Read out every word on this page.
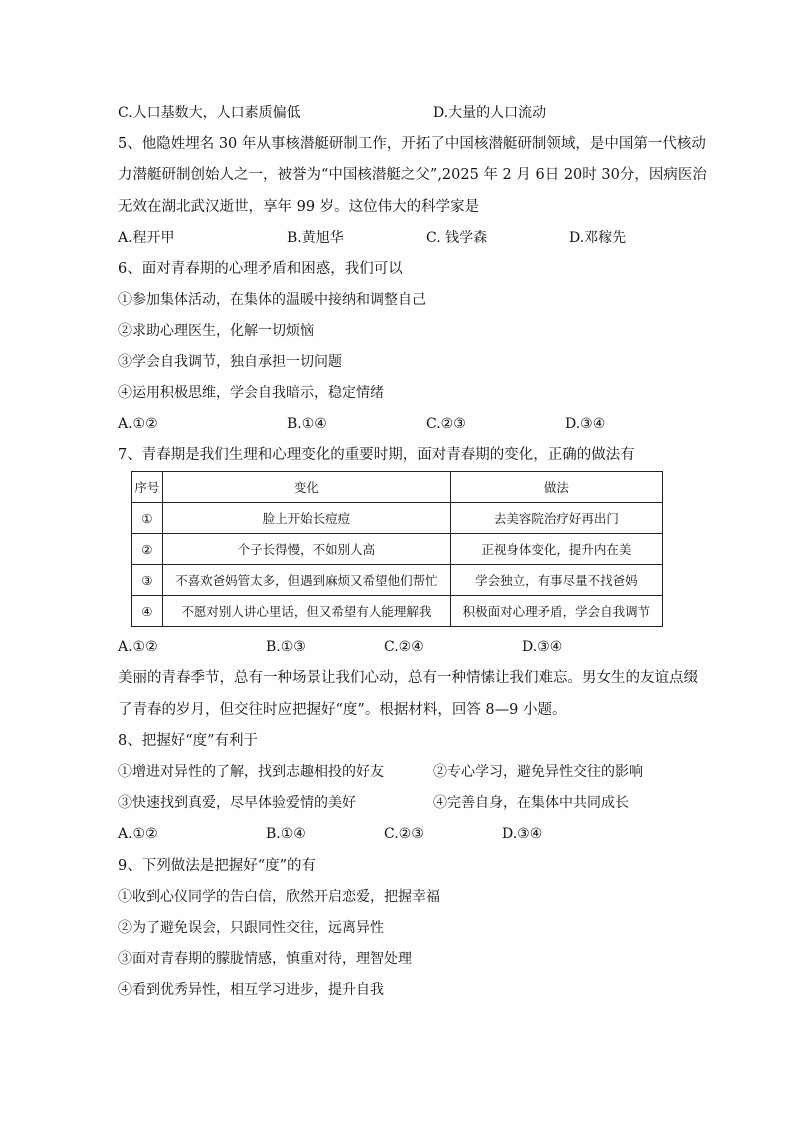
C.人口基数大，人口素质偏低	D.大量的人口流动
5、他隐姓埋名 30 年从事核潜艇研制工作，开拓了中国核潜艇研制领域，是中国第一代核动
力潜艇研制创始人之一，被誉为“中国核潜艇之父”,2025 年 2 月 6日 20时 30分，因病医治
无效在湖北武汉逝世，享年 99 岁。这位伟大的科学家是
A.程开甲	B.黄旭华	C. 钱学森	D.邓稼先
6、面对青春期的心理矛盾和困惑，我们可以
①参加集体活动，在集体的温暖中接纳和调整自己
②求助心理医生，化解一切烦恼
③学会自我调节，独自承担一切问题
④运用积极思维，学会自我暗示，稳定情绪
A.①②	B.①④	C.②③	D.③④
7、青春期是我们生理和心理变化的重要时期，面对青春期的变化，正确的做法有
序号	变化	做法
①	脸上开始长痘痘	去美容院治疗好再出门
②	个子长得慢，不如别人高	正视身体变化，提升内在美
③	不喜欢爸妈管太多，但遇到麻烦又希望他们帮忙	学会独立，有事尽量不找爸妈
④	不愿对别人讲心里话，但又希望有人能理解我	积极面对心理矛盾，学会自我调节
A.①②	B.①③	C.②④	D.③④
美丽的青春季节，总有一种场景让我们心动，总有一种情愫让我们难忘。男女生的友谊点缀
了青春的岁月，但交往时应把握好“度”。根据材料，回答 8—9 小题。
8、把握好“度”有利于
①增进对异性的了解，找到志趣相投的好友	②专心学习，避免异性交往的影响
③快速找到真爱，尽早体验爱情的美好	④完善自身，在集体中共同成长
A.①②	B.①④	C.②③	D.③④
9、下列做法是把握好“度”的有
①收到心仪同学的告白信，欣然开启恋爱，把握幸福
②为了避免误会，只跟同性交往，远离异性
③面对青春期的朦胧情感，慎重对待，理智处理
④看到优秀异性，相互学习进步，提升自我
